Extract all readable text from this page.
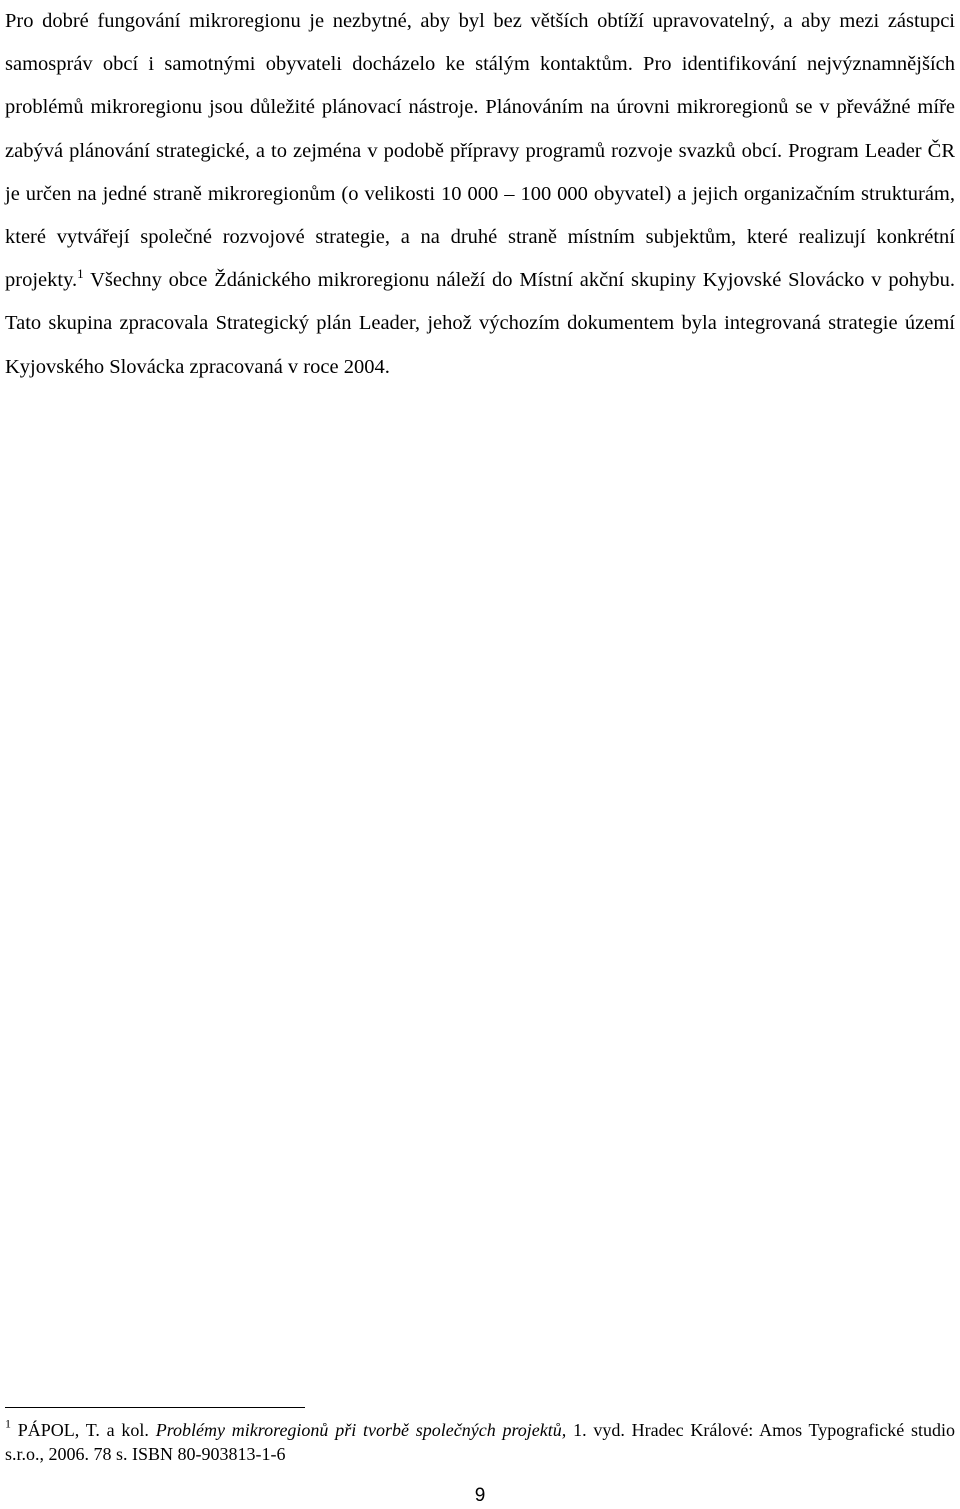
Pro dobré fungování mikroregionu je nezbytné, aby byl bez větších obtíží upravovatelný, a aby mezi zástupci samospráv obcí i samotnými obyvateli docházelo ke stálým kontaktům. Pro identifikování nejvýznamnějších problémů mikroregionu jsou důležité plánovací nástroje. Plánováním na úrovni mikroregionů se v převážné míře zabývá plánování strategické, a to zejména v podobě přípravy programů rozvoje svazků obcí. Program Leader ČR je určen na jedné straně mikroregionům (o velikosti 10 000 – 100 000 obyvatel) a jejich organizačním strukturám, které vytvářejí společné rozvojové strategie, a na druhé straně místním subjektům, které realizují konkrétní projekty.$^1$ Všechny obce Ždánického mikroregionu náleží do Místní akční skupiny Kyjovské Slovácko v pohybu. Tato skupina zpracovala Strategický plán Leader, jehož výchozím dokumentem byla integrovaná strategie území Kyjovského Slovácka zpracovaná v roce 2004.

$^1$ PÁPOL, T. a kol. Problémy mikroregionů při tvorbě společných projektů, 1. vyd. Hradec Králové: Amos Typografické studio s.r.o., 2006. 78 s. ISBN 80-903813-1-6

9
